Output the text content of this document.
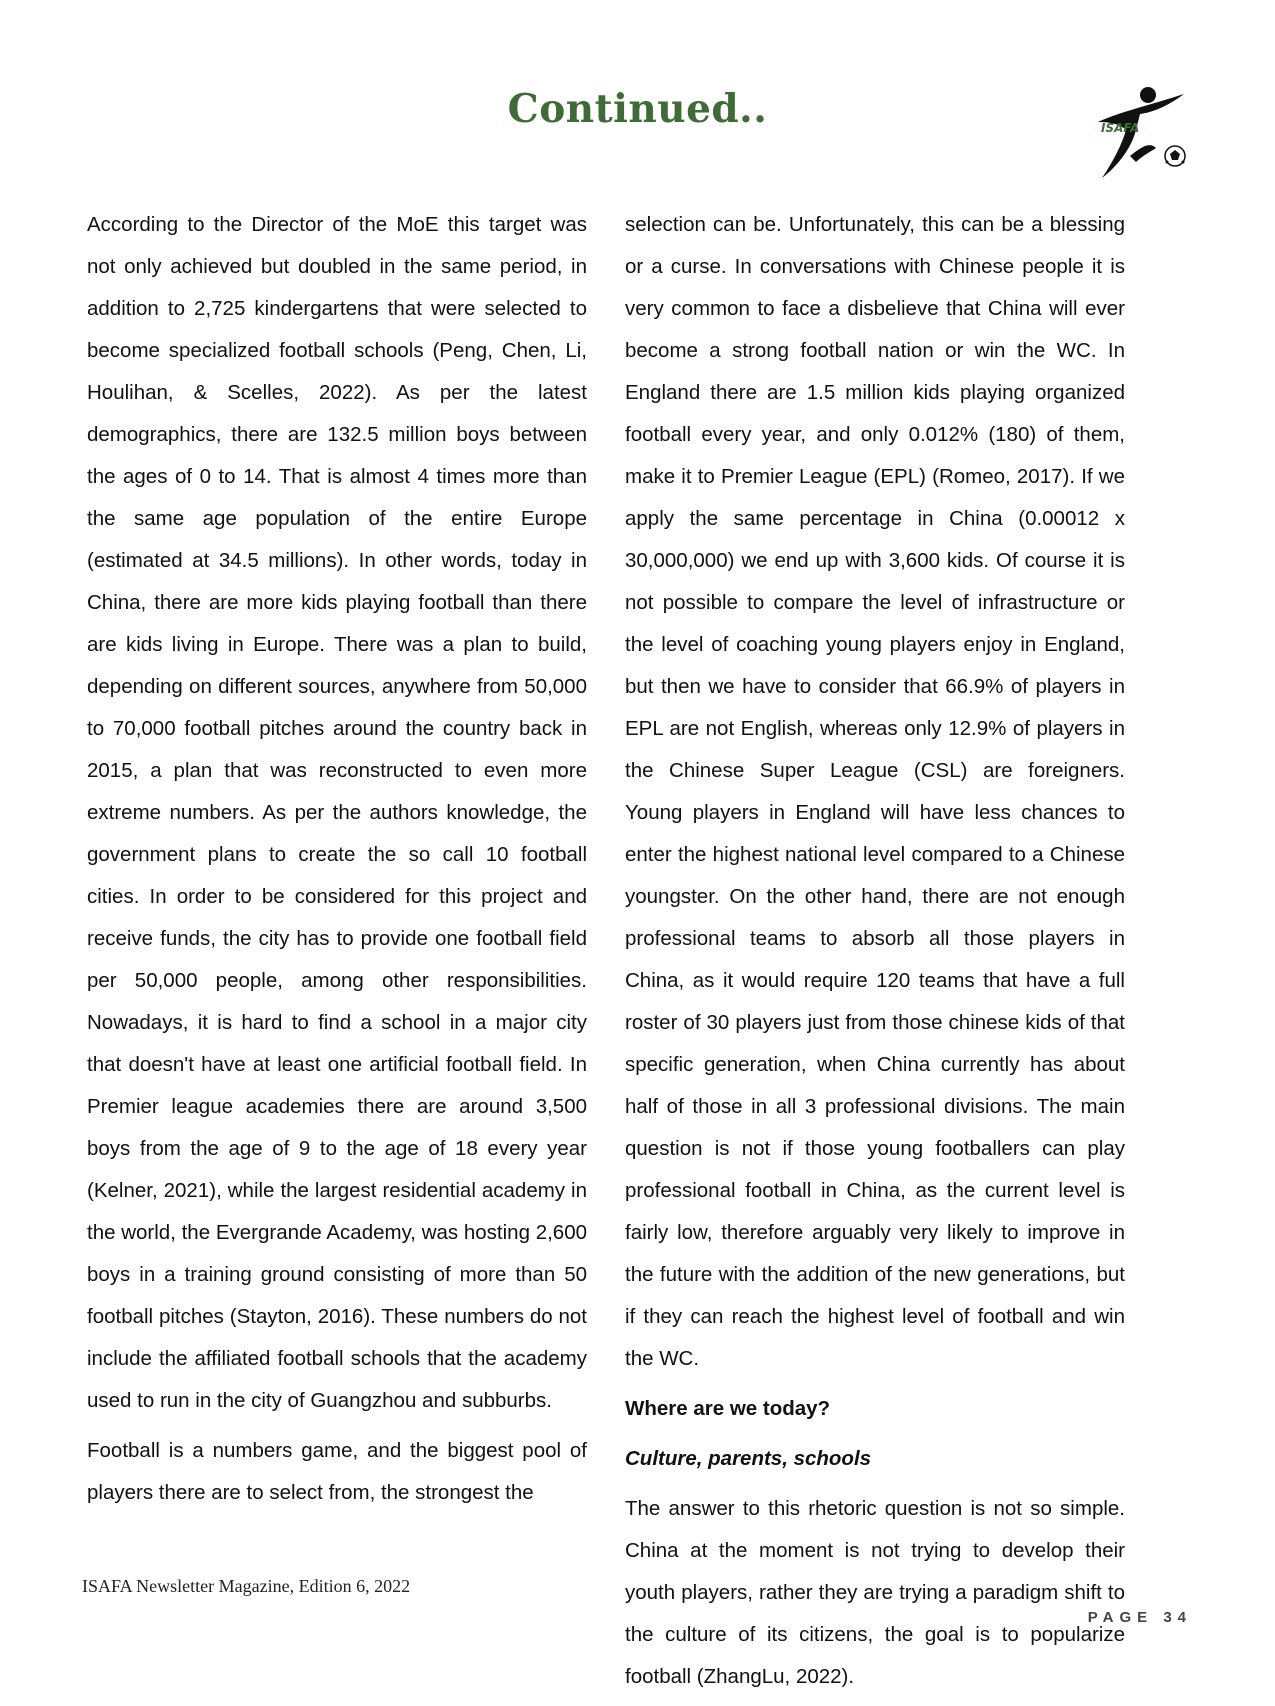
Continued..	ISAFA

According to the Director of the MoE this target was not only achieved but doubled in the same period, in addition to 2,725 kindergartens that were selected to become specialized football schools (Peng, Chen, Li, Houlihan, & Scelles, 2022). As per the latest demographics, there are 132.5 million boys between the ages of 0 to 14. That is almost 4 times more than the same age population of the entire Europe (estimated at 34.5 millions). In other words, today in China, there are more kids playing football than there are kids living in Europe. There was a plan to build, depending on different sources, anywhere from 50,000 to 70,000 football pitches around the country back in 2015, a plan that was reconstructed to even more extreme numbers. As per the authors knowledge, the government plans to create the so call 10 football cities. In order to be considered for this project and receive funds, the city has to provide one football field per 50,000 people, among other responsibilities. Nowadays, it is hard to find a school in a major city that doesn't have at least one artificial football field. In Premier league academies there are around 3,500 boys from the age of 9 to the age of 18 every year (Kelner, 2021), while the largest residential academy in the world, the Evergrande Academy, was hosting 2,600 boys in a training ground consisting of more than 50 football pitches (Stayton, 2016). These numbers do not include the affiliated football schools that the academy used to run in the city of Guangzhou and subburbs.

Football is a numbers game, and the biggest pool of players there are to select from, the strongest the

selection can be. Unfortunately, this can be a blessing or a curse. In conversations with Chinese people it is very common to face a disbelieve that China will ever become a strong football nation or win the WC. In England there are 1.5 million kids playing organized football every year, and only 0.012% (180) of them, make it to Premier League (EPL) (Romeo, 2017). If we apply the same percentage in China (0.00012 x 30,000,000) we end up with 3,600 kids. Of course it is not possible to compare the level of infrastructure or the level of coaching young players enjoy in England, but then we have to consider that 66.9% of players in EPL are not English, whereas only 12.9% of players in the Chinese Super League (CSL) are foreigners. Young players in England will have less chances to enter the highest national level compared to a Chinese youngster. On the other hand, there are not enough professional teams to absorb all those players in China, as it would require 120 teams that have a full roster of 30 players just from those chinese kids of that specific generation, when China currently has about half of those in all 3 professional divisions. The main question is not if those young footballers can play professional football in China, as the current level is fairly low, therefore arguably very likely to improve in the future with the addition of the new generations, but if they can reach the highest level of football and win the WC.

Where are we today?
Culture, parents, schools

The answer to this rhetoric question is not so simple. China at the moment is not trying to develop their youth players, rather they are trying a paradigm shift to the culture of its citizens, the goal is to popularize football (ZhangLu, 2022).

ISAFA Newsletter Magazine, Edition 6, 2022
PAGE 34
